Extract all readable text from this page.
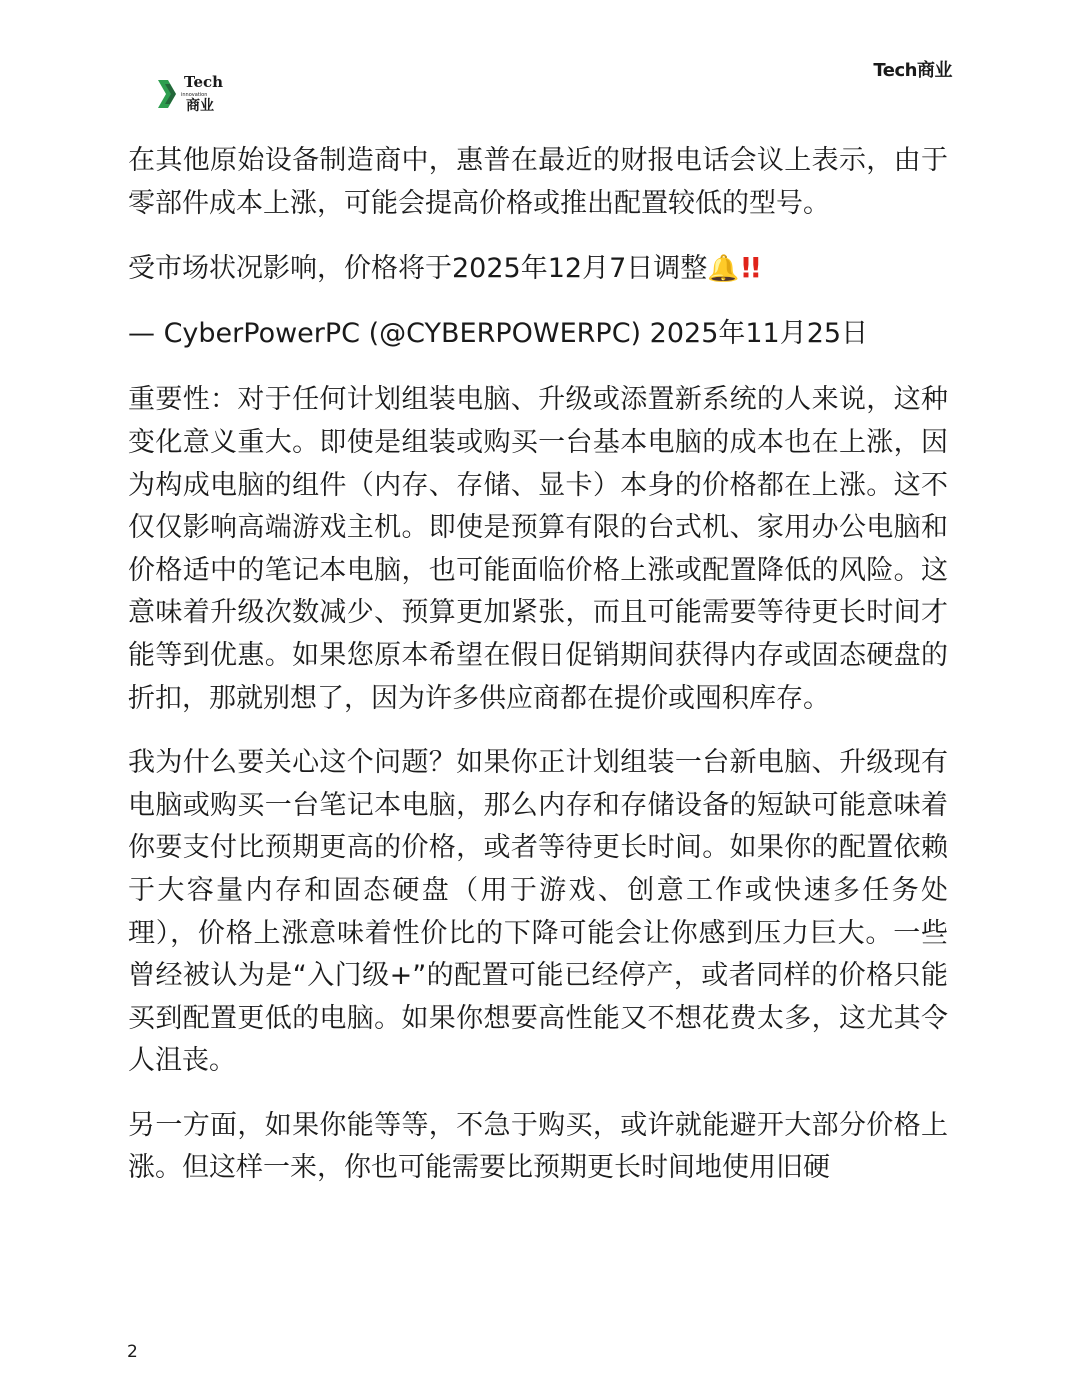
Tech
innovation
商业
Tech商业

在其他原始设备制造商中，惠普在最近的财报电话会议上表示，由于零部件成本上涨，可能会提高价格或推出配置较低的型号。

受市场状况影响，价格将于2025年12月7日调整🔔!!

— CyberPowerPC (@CYBERPOWERPC) 2025年11月25日

重要性：对于任何计划组装电脑、升级或添置新系统的人来说，这种变化意义重大。即使是组装或购买一台基本电脑的成本也在上涨，因为构成电脑的组件（内存、存储、显卡）本身的价格都在上涨。这不仅仅影响高端游戏主机。即使是预算有限的台式机、家用办公电脑和价格适中的笔记本电脑，也可能面临价格上涨或配置降低的风险。这意味着升级次数减少、预算更加紧张，而且可能需要等待更长时间才能等到优惠。如果您原本希望在假日促销期间获得内存或固态硬盘的折扣，那就别想了，因为许多供应商都在提价或囤积库存。

我为什么要关心这个问题？如果你正计划组装一台新电脑、升级现有电脑或购买一台笔记本电脑，那么内存和存储设备的短缺可能意味着你要支付比预期更高的价格，或者等待更长时间。如果你的配置依赖于大容量内存和固态硬盘（用于游戏、创意工作或快速多任务处理），价格上涨意味着性价比的下降可能会让你感到压力巨大。一些曾经被认为是“入门级+”的配置可能已经停产，或者同样的价格只能买到配置更低的电脑。如果你想要高性能又不想花费太多，这尤其令人沮丧。

另一方面，如果你能等等，不急于购买，或许就能避开大部分价格上涨。但这样一来，你也可能需要比预期更长时间地使用旧硬

2
